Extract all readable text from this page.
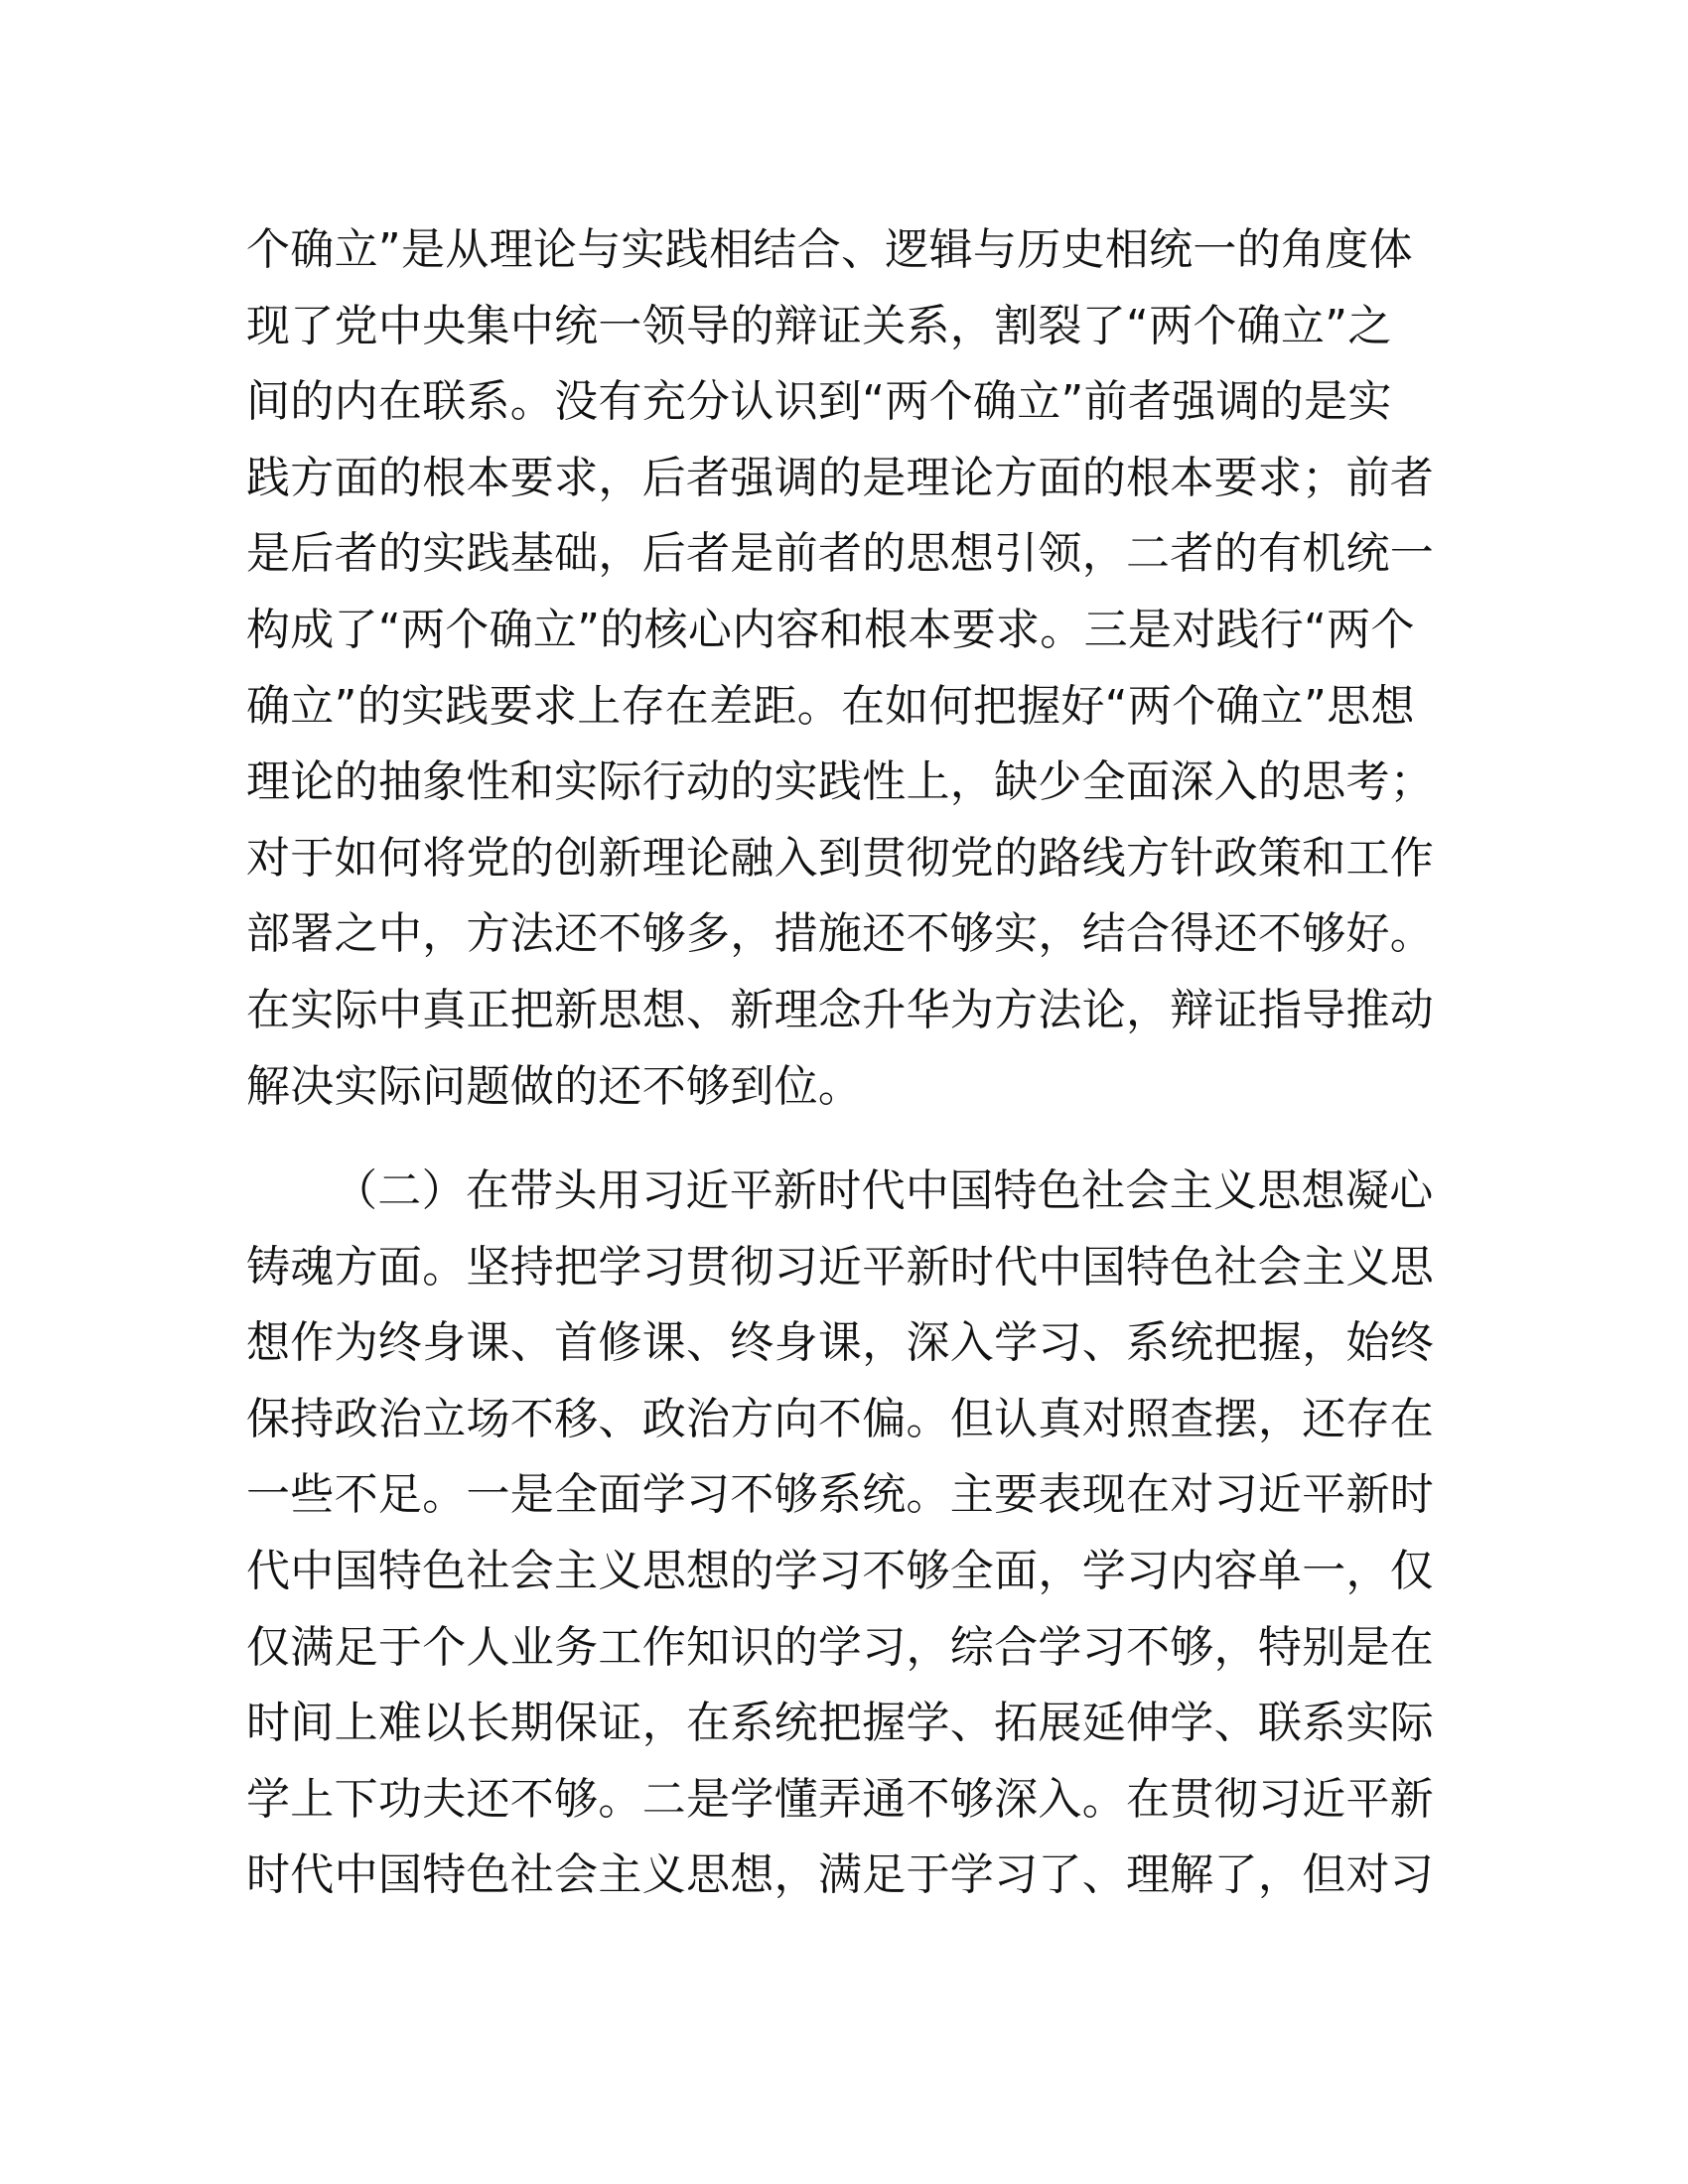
个确立”是从理论与实践相结合、逻辑与历史相统一的角度体
现了党中央集中统一领导的辩证关系，割裂了“两个确立”之
间的内在联系。没有充分认识到“两个确立”前者强调的是实
践方面的根本要求，后者强调的是理论方面的根本要求；前者
是后者的实践基础，后者是前者的思想引领，二者的有机统一
构成了“两个确立”的核心内容和根本要求。三是对践行“两个
确立”的实践要求上存在差距。在如何把握好“两个确立”思想
理论的抽象性和实际行动的实践性上，缺少全面深入的思考；
对于如何将党的创新理论融入到贯彻党的路线方针政策和工作
部署之中，方法还不够多，措施还不够实，结合得还不够好。
在实际中真正把新思想、新理念升华为方法论，辩证指导推动
解决实际问题做的还不够到位。
（二）在带头用习近平新时代中国特色社会主义思想凝心
铸魂方面。坚持把学习贯彻习近平新时代中国特色社会主义思
想作为终身课、首修课、终身课，深入学习、系统把握，始终
保持政治立场不移、政治方向不偏。但认真对照查摆，还存在
一些不足。一是全面学习不够系统。主要表现在对习近平新时
代中国特色社会主义思想的学习不够全面，学习内容单一，仅
仅满足于个人业务工作知识的学习，综合学习不够，特别是在
时间上难以长期保证，在系统把握学、拓展延伸学、联系实际
学上下功夫还不够。二是学懂弄通不够深入。在贯彻习近平新
时代中国特色社会主义思想，满足于学习了、理解了，但对习
